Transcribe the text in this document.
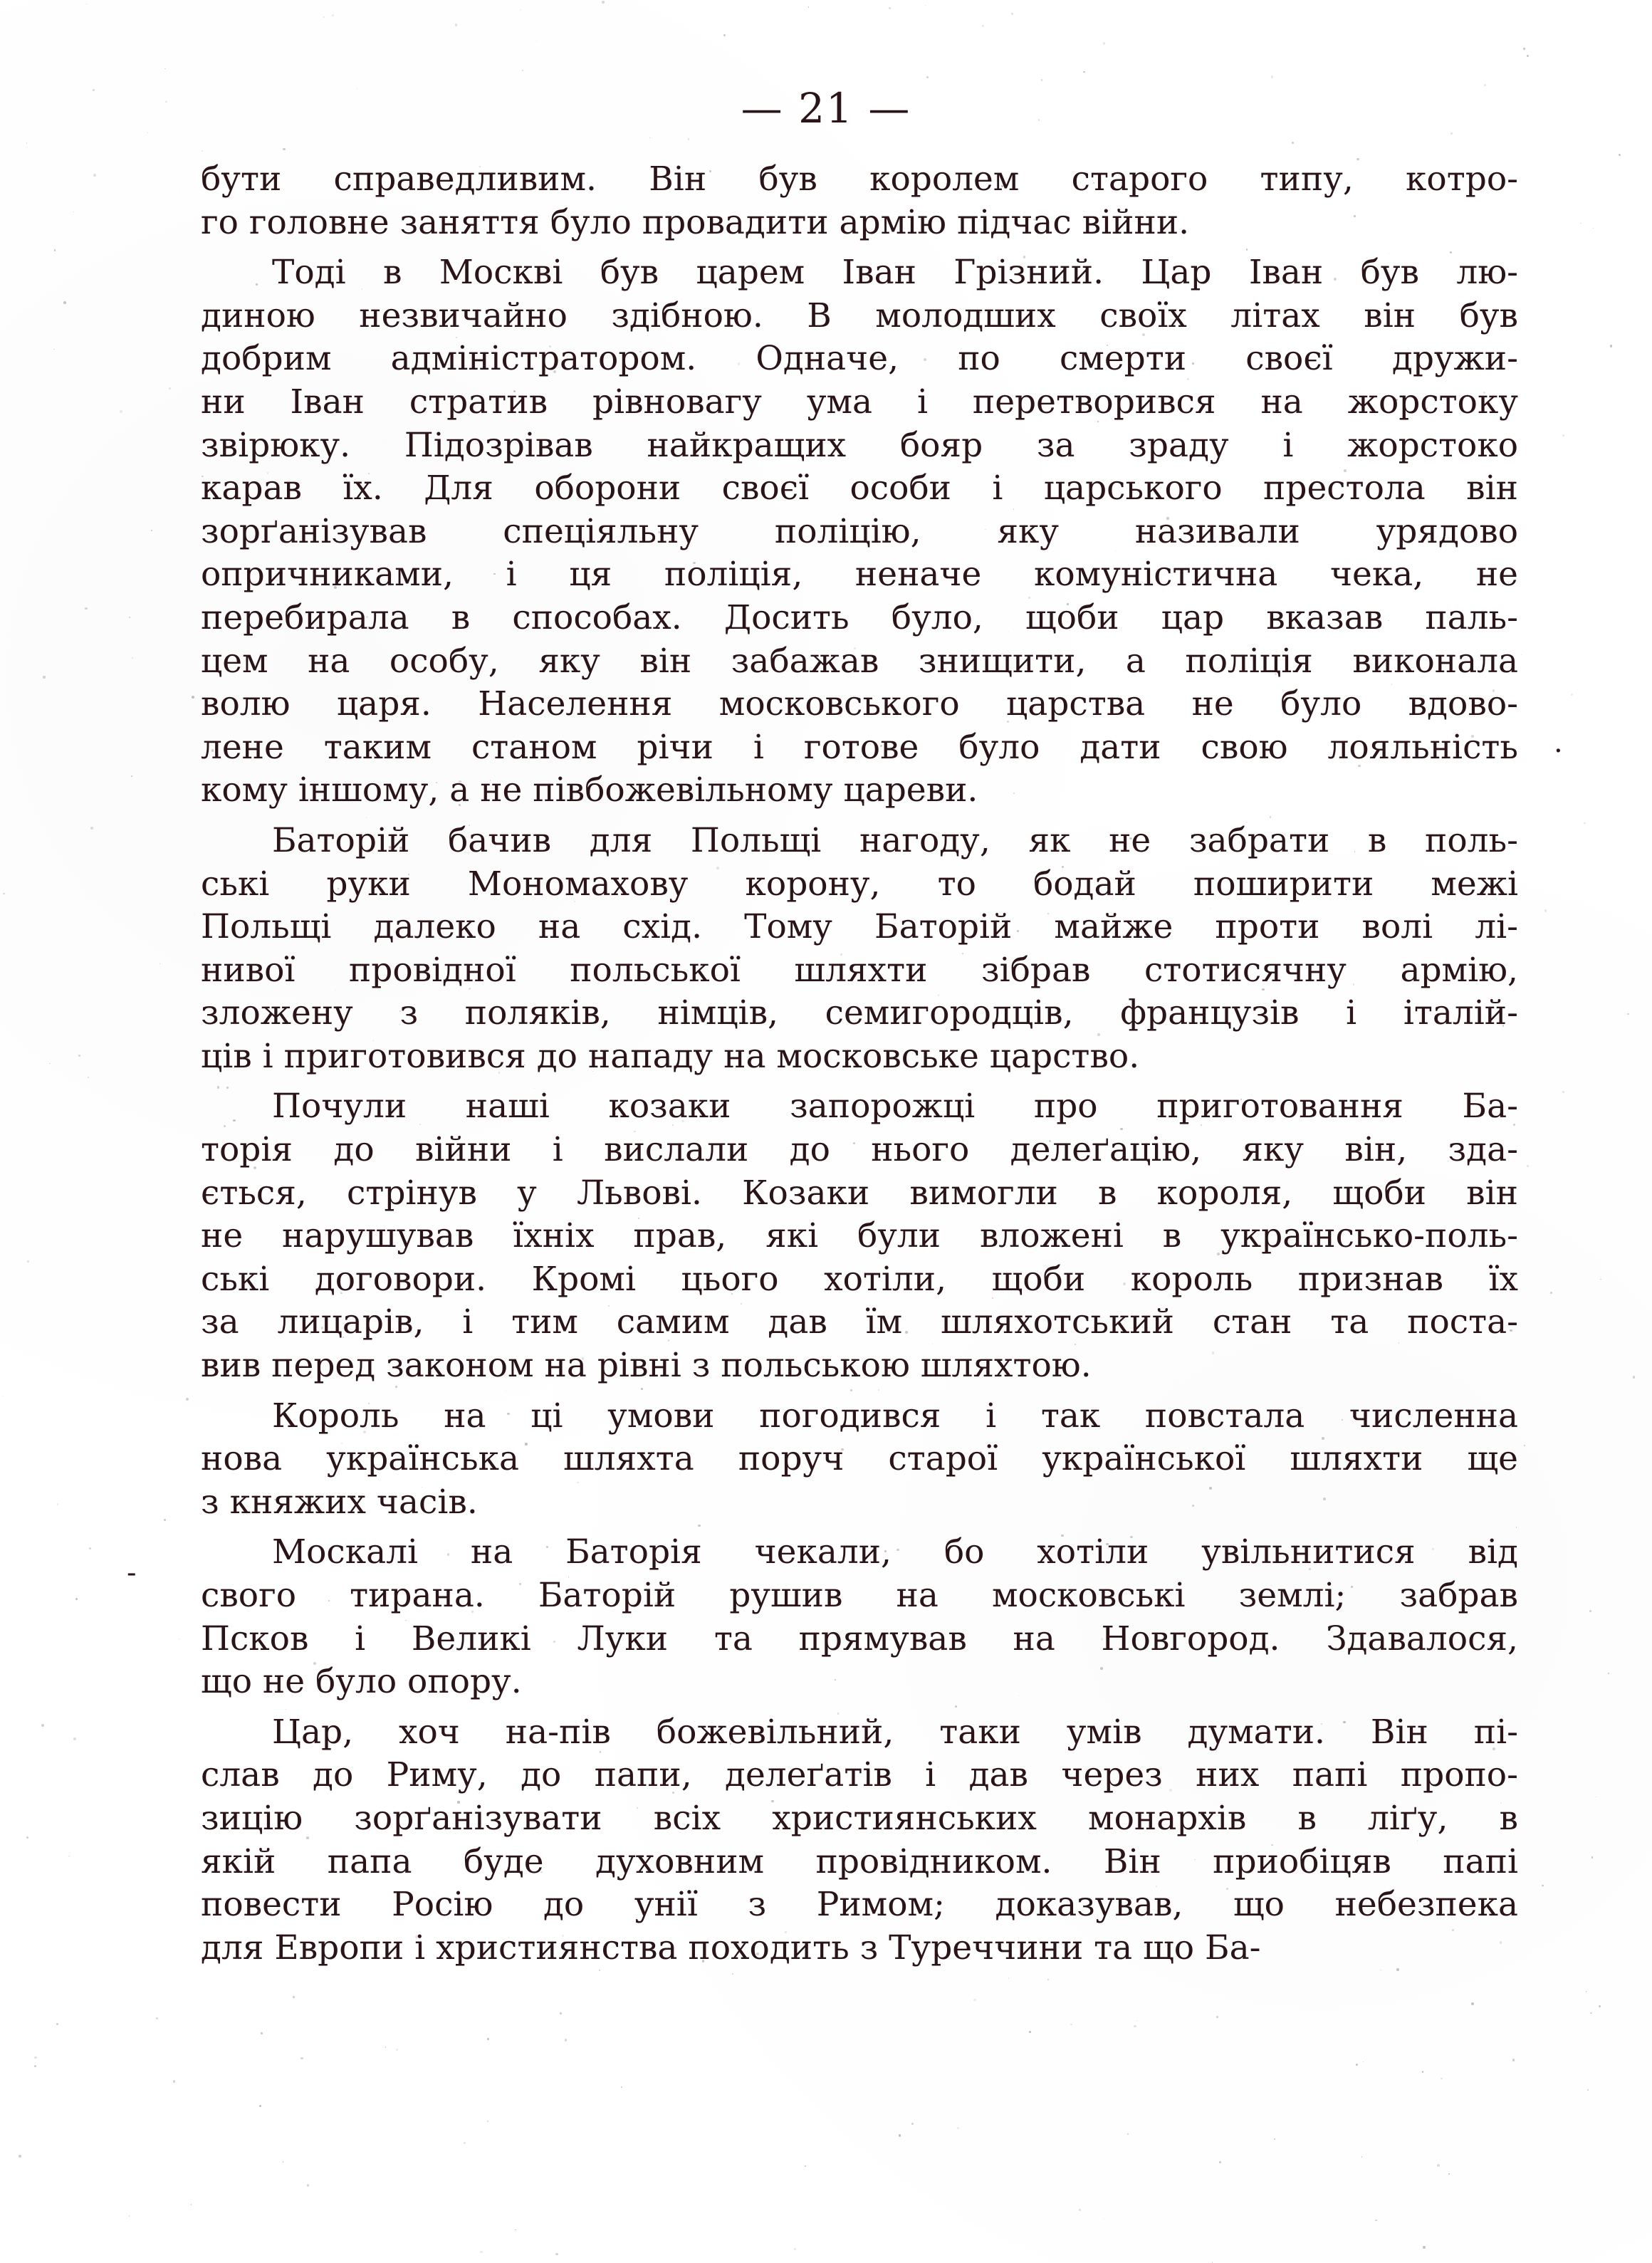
— 21 —
бути справедливим. Він був королем старого типу, котро-
го головне заняття було провадити армію підчас війни.
Тоді в Москві був царем Іван Грізний. Цар Іван був лю-
диною незвичайно здібною. В молодших своїх літах він був
добрим адміністратором. Одначе, по смерти своєї дружи-
ни Іван стратив рівновагу ума і перетворився на жорстоку
звірюку. Підозрівав найкращих бояр за зраду і жорстоко
карав їх. Для оборони своєї особи і царського престола він
зорґанізував спеціяльну поліцію, яку називали урядово
опричниками, і ця поліція, неначе комуністична чека, не
перебирала в способах. Досить було, щоби цар вказав паль-
цем на особу, яку він забажав знищити, а поліція виконала
волю царя. Населення московського царства не було вдово-
лене таким станом річи і готове було дати свою лояльність
кому іншому, а не півбожевільному цареви.
Баторій бачив для Польщі нагоду, як не забрати в поль-
ські руки Мономахову корону, то бодай поширити межі
Польщі далеко на схід. Тому Баторій майже проти волі лі-
нивої провідної польської шляхти зібрав стотисячну армію,
зложену з поляків, німців, семигородців, французів і італій-
ців і приготовився до нападу на московське царство.
Почули наші козаки запорожці про приготовання Ба-
торія до війни і вислали до нього делеґацію, яку він, зда-
ється, стрінув у Львові. Козаки вимогли в короля, щоби він
не нарушував їхніх прав, які були вложені в українсько-поль-
ські договори. Кромі цього хотіли, щоби король признав їх
за лицарів, і тим самим дав їм шляхотський стан та поста-
вив перед законом на рівні з польською шляхтою.
Король на ці умови погодився і так повстала численна
нова українська шляхта поруч старої української шляхти ще
з княжих часів.
Москалі на Баторія чекали, бо хотіли увільнитися від
свого тирана. Баторій рушив на московські землі; забрав
Псков і Великі Луки та прямував на Новгород. Здавалося,
що не було опору.
Цар, хоч на-пів божевільний, таки умів думати. Він пі-
слав до Риму, до папи, делеґатів і дав через них папі пропо-
зицію зорґанізувати всіх християнських монархів в ліґу, в
якій папа буде духовним провідником. Він приобіцяв папі
повести Росію до унії з Римом; доказував, що небезпека
для Европи і християнства походить з Туреччини та що Ба-
-
.
